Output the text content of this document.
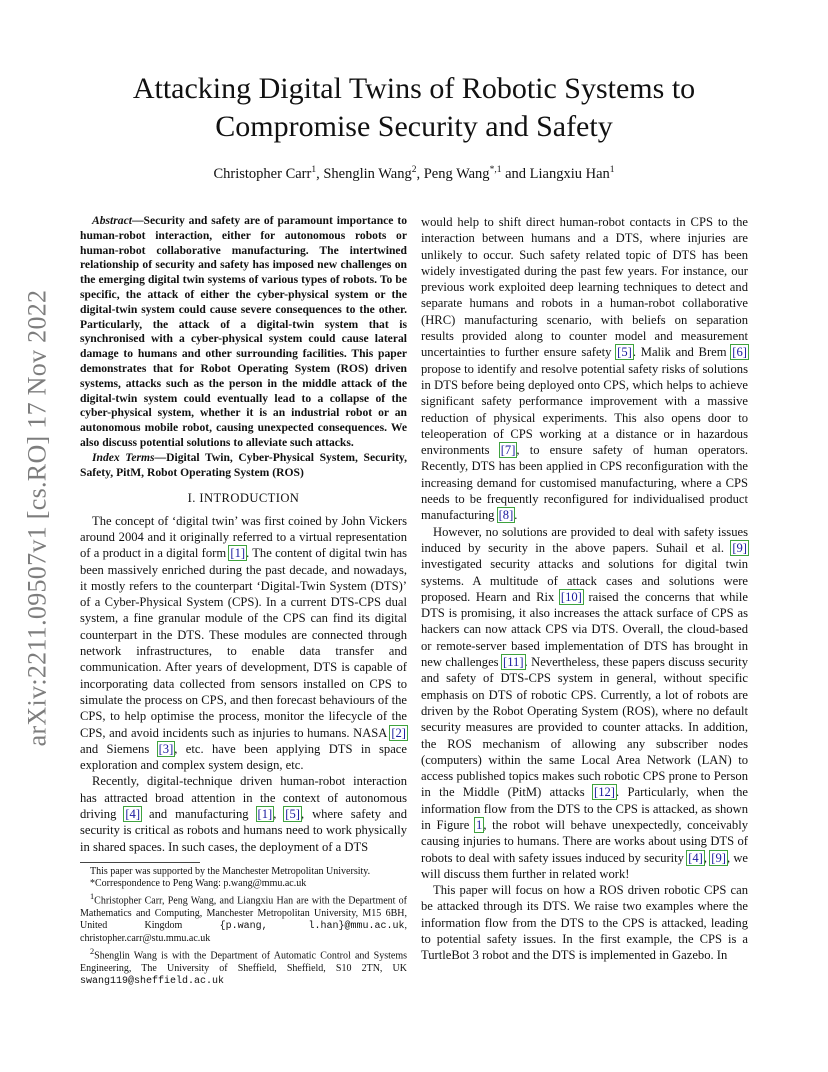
arXiv:2211.09507v1 [cs.RO] 17 Nov 2022
Attacking Digital Twins of Robotic Systems to
Compromise Security and Safety
Christopher Carr$^1$, Shenglin Wang$^2$, Peng Wang$^{*,1}$ and Liangxiu Han$^1$

Abstract—Security and safety are of paramount importance to human-robot interaction, either for autonomous robots or human-robot collaborative manufacturing. The intertwined relationship of security and safety has imposed new challenges on the emerging digital twin systems of various types of robots. To be specific, the attack of either the cyber-physical system or the digital-twin system could cause severe consequences to the other. Particularly, the attack of a digital-twin system that is synchronised with a cyber-physical system could cause lateral damage to humans and other surrounding facilities. This paper demonstrates that for Robot Operating System (ROS) driven systems, attacks such as the person in the middle attack of the digital-twin system could eventually lead to a collapse of the cyber-physical system, whether it is an industrial robot or an autonomous mobile robot, causing unexpected consequences. We also discuss potential solutions to alleviate such attacks.

Index Terms—Digital Twin, Cyber-Physical System, Security, Safety, PitM, Robot Operating System (ROS)

I. INTRODUCTION

The concept of ‘digital twin’ was first coined by John Vickers around 2004 and it originally referred to a virtual representation of a product in a digital form [1]. The content of digital twin has been massively enriched during the past decade, and nowadays, it mostly refers to the counterpart ‘Digital-Twin System (DTS)’ of a Cyber-Physical System (CPS). In a current DTS-CPS dual system, a fine granular module of the CPS can find its digital counterpart in the DTS. These modules are connected through network infrastructures, to enable data transfer and communication. After years of development, DTS is capable of incorporating data collected from sensors installed on CPS to simulate the process on CPS, and then forecast behaviours of the CPS, to help optimise the process, monitor the lifecycle of the CPS, and avoid incidents such as injuries to humans. NASA [2] and Siemens [3], etc. have been applying DTS in space exploration and complex system design, etc.

Recently, digital-technique driven human-robot interaction has attracted broad attention in the context of autonomous driving [4] and manufacturing [1], [5], where safety and security is critical as robots and humans need to work physically in shared spaces. In such cases, the deployment of a DTS

This paper was supported by the Manchester Metropolitan University.

*Correspondence to Peng Wang: p.wang@mmu.ac.uk

$^1$Christopher Carr, Peng Wang, and Liangxiu Han are with the Department of Mathematics and Computing, Manchester Metropolitan University, M15 6BH, United Kingdom {p.wang, l.han}@mmu.ac.uk, christopher.carr@stu.mmu.ac.uk

$^2$Shenglin Wang is with the Department of Automatic Control and Systems Engineering, The University of Sheffield, Sheffield, S10 2TN, UK swang119@sheffield.ac.uk

would help to shift direct human-robot contacts in CPS to the interaction between humans and a DTS, where injuries are unlikely to occur. Such safety related topic of DTS has been widely investigated during the past few years. For instance, our previous work exploited deep learning techniques to detect and separate humans and robots in a human-robot collaborative (HRC) manufacturing scenario, with beliefs on separation results provided along to counter model and measurement uncertainties to further ensure safety [5]. Malik and Brem [6] propose to identify and resolve potential safety risks of solutions in DTS before being deployed onto CPS, which helps to achieve significant safety performance improvement with a massive reduction of physical experiments. This also opens door to teleoperation of CPS working at a distance or in hazardous environments [7], to ensure safety of human operators. Recently, DTS has been applied in CPS reconfiguration with the increasing demand for customised manufacturing, where a CPS needs to be frequently reconfigured for individualised product manufacturing [8].

However, no solutions are provided to deal with safety issues induced by security in the above papers. Suhail et al. [9] investigated security attacks and solutions for digital twin systems. A multitude of attack cases and solutions were proposed. Hearn and Rix [10] raised the concerns that while DTS is promising, it also increases the attack surface of CPS as hackers can now attack CPS via DTS. Overall, the cloud-based or remote-server based implementation of DTS has brought in new challenges [11]. Nevertheless, these papers discuss security and safety of DTS-CPS system in general, without specific emphasis on DTS of robotic CPS. Currently, a lot of robots are driven by the Robot Operating System (ROS), where no default security measures are provided to counter attacks. In addition, the ROS mechanism of allowing any subscriber nodes (computers) within the same Local Area Network (LAN) to access published topics makes such robotic CPS prone to Person in the Middle (PitM) attacks [12]. Particularly, when the information flow from the DTS to the CPS is attacked, as shown in Figure 1, the robot will behave unexpectedly, conceivably causing injuries to humans. There are works about using DTS of robots to deal with safety issues induced by security [4], [9], we will discuss them further in related work!

This paper will focus on how a ROS driven robotic CPS can be attacked through its DTS. We raise two examples where the information flow from the DTS to the CPS is attacked, leading to potential safety issues. In the first example, the CPS is a TurtleBot 3 robot and the DTS is implemented in Gazebo. In
